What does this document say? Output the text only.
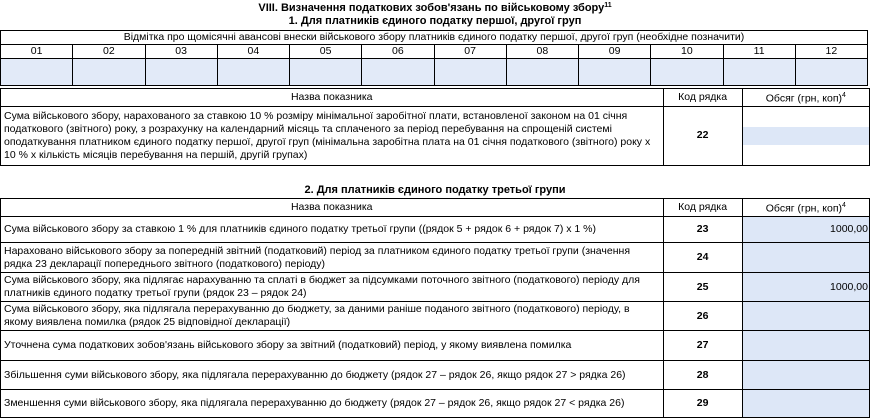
VIII. Визначення податкових зобов'язань по військовому збору$^{11}$
1. Для платників єдиного податку першої, другої груп
Відмітка про щомісячні авансові внески військового збору платників єдиного податку першої, другої груп (необхідне позначити)											
01	02	03	04	05	06	07	08	09	10	11	12

Назва показника	Код рядка	Обсяг (грн, коп)$^4$
Сума військового збору, нарахованого за ставкою 10 % розміру мінімальної заробітної плати, встановленої законом на 01 січня податкового (звітного) року, з розрахунку на календарний місяць та сплаченого за період перебування на спрощеній системі оподаткування платником єдиного податку першої, другої груп (мінімальна заробітна плата на 01 січня податкового (звітного) року x 10 % x кількість місяців перебування на першій, другій групах)	22	
2. Для платників єдиного податку третьої групи
Назва показника	Код рядка	Обсяг (грн, коп)$^4$
Сума військового збору за ставкою 1 % для платників єдиного податку третьої групи ((рядок 5 + рядок 6 + рядок 7) x 1 %)	23	1000,00
Нараховано військового збору за попередній звітний (податковий) період за платником єдиного податку третьої групи (значення рядка 23 декларації попереднього звітного (податкового) періоду)	24	
Сума військового збору, яка підлягає нарахуванню та сплаті в бюджет за підсумками поточного звітного (податкового) періоду для платників єдиного податку третьої групи (рядок 23 – рядок 24)	25	1000,00
Сума військового збору, яка підлягала перерахуванню до бюджету, за даними раніше поданого звітного (податкового) періоду, в якому виявлена помилка (рядок 25 відповідної декларації)	26	
Уточнена сума податкових зобов'язань військового збору за звітний (податковий) період, у якому виявлена помилка	27	
Збільшення суми військового збору, яка підлягала перерахуванню до бюджету (рядок 27 – рядок 26, якщо рядок 27 > рядка 26)	28	
Зменшення суми військового збору, яка підлягала перерахуванню до бюджету (рядок 27 – рядок 26, якщо рядок 27 < рядка 26)	29	
